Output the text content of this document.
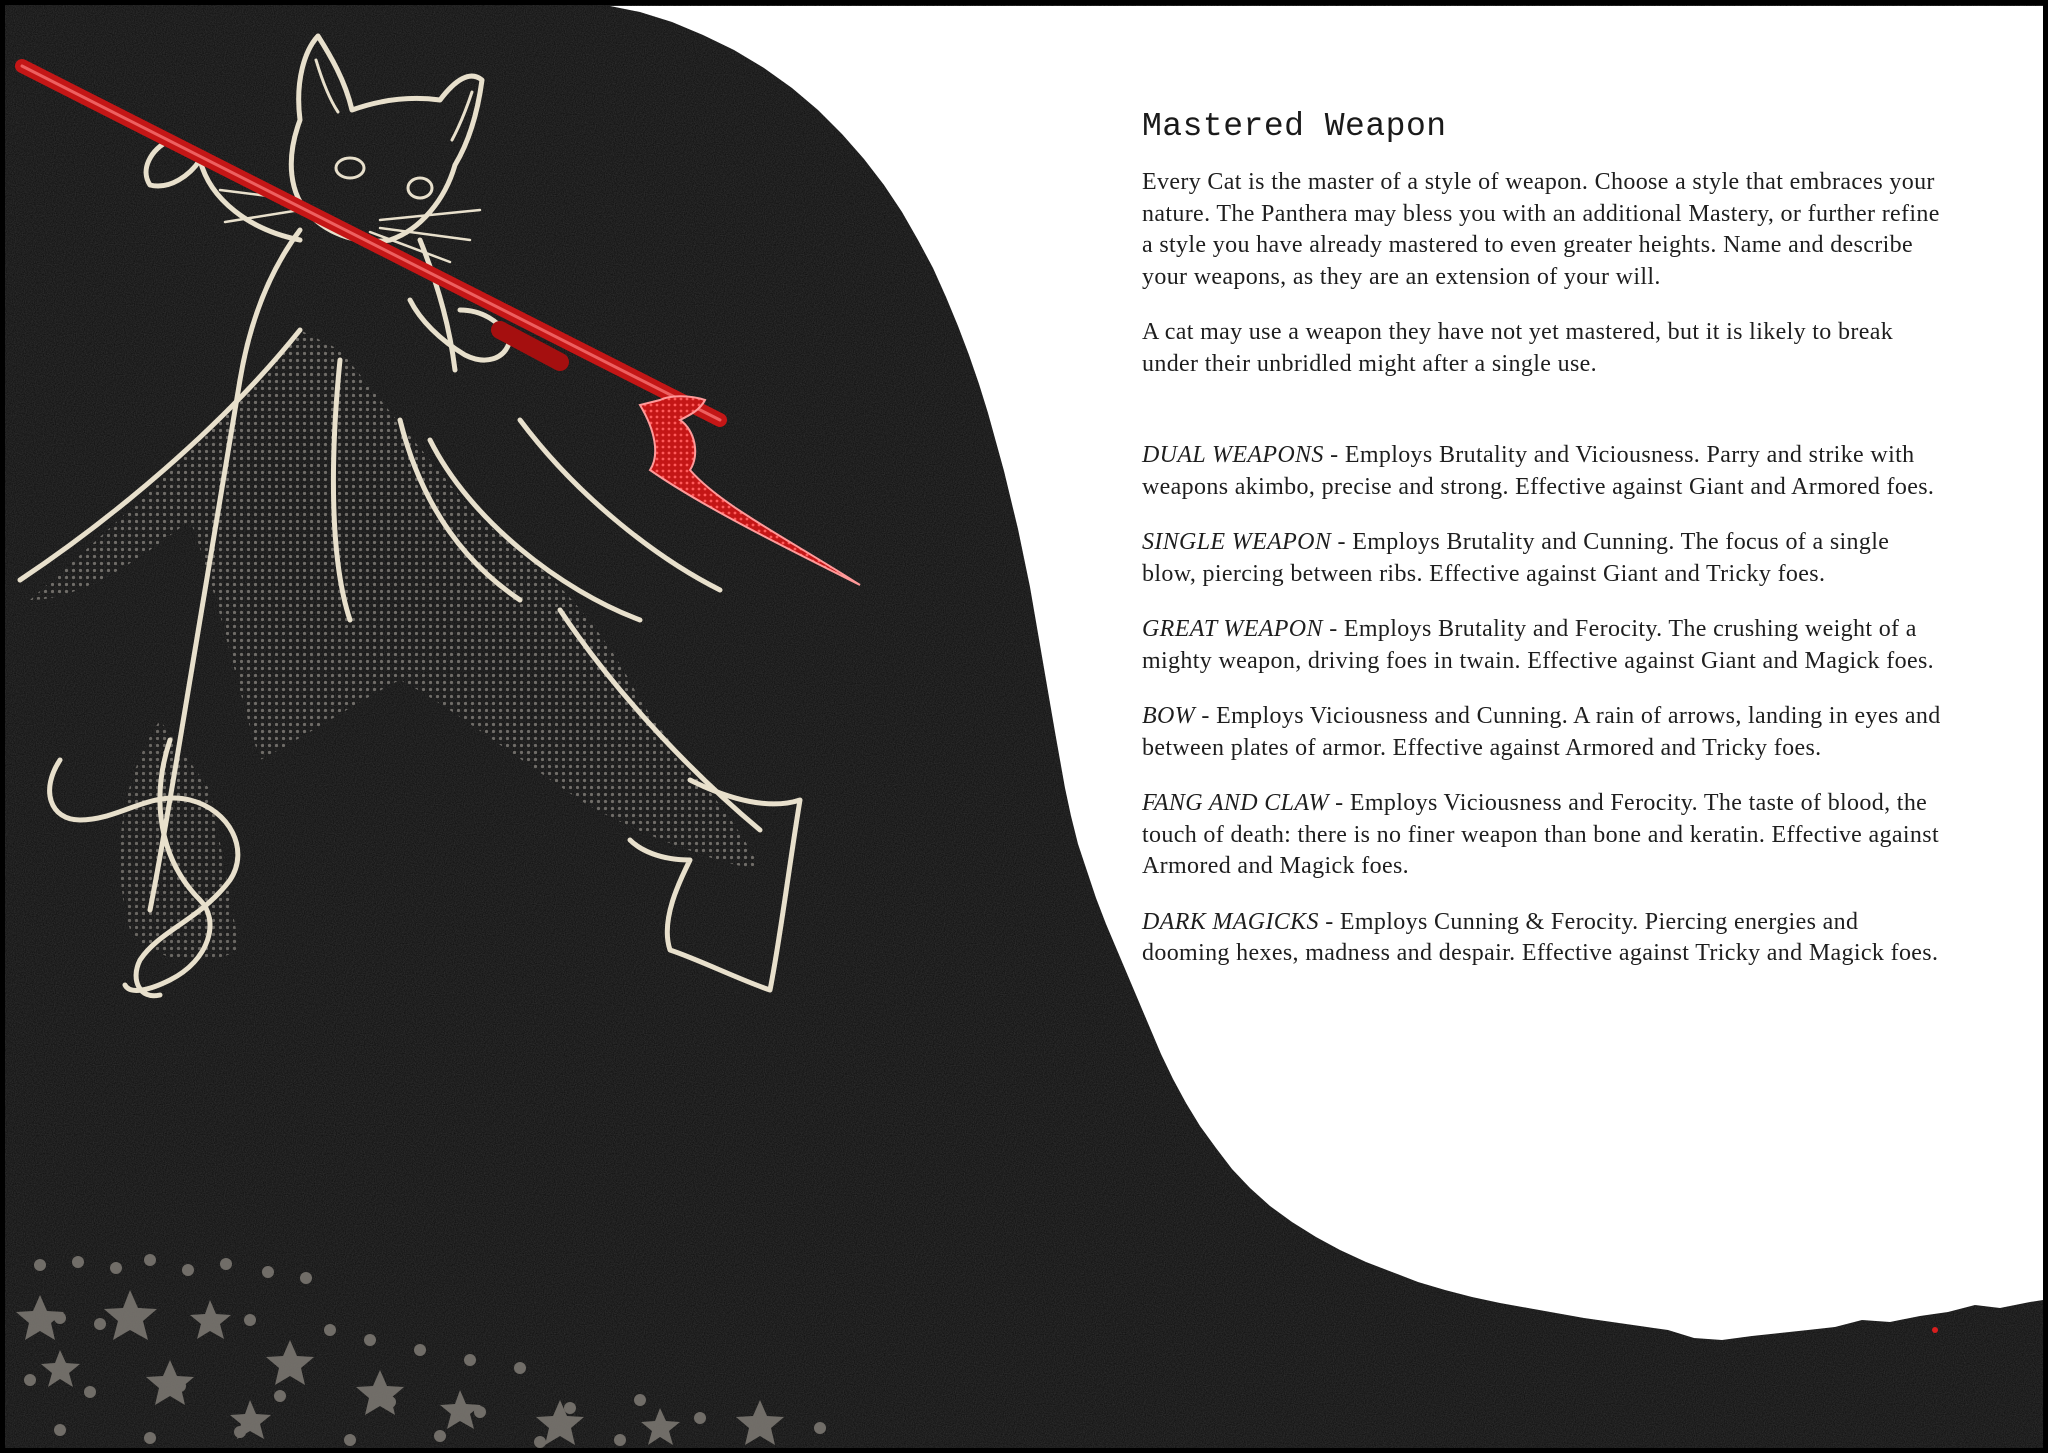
Mastered Weapon

Every Cat is the master of a style of weapon. Choose a style that embraces your nature. The Panthera may bless you with an additional Mastery, or further refine a style you have already mastered to even greater heights. Name and describe your weapons, as they are an extension of your will.

A cat may use a weapon they have not yet mastered, but it is likely to break under their unbridled might after a single use.

DUAL WEAPONS - Employs Brutality and Viciousness. Parry and strike with weapons akimbo, precise and strong. Effective against Giant and Armored foes.

SINGLE WEAPON - Employs Brutality and Cunning. The focus of a single blow, piercing between ribs. Effective against Giant and Tricky foes.

GREAT WEAPON - Employs Brutality and Ferocity. The crushing weight of a mighty weapon, driving foes in twain. Effective against Giant and Magick foes.

BOW - Employs Viciousness and Cunning. A rain of arrows, landing in eyes and between plates of armor. Effective against Armored and Tricky foes.

FANG AND CLAW - Employs Viciousness and Ferocity. The taste of blood, the touch of death: there is no finer weapon than bone and keratin. Effective against Armored and Magick foes.

DARK MAGICKS - Employs Cunning & Ferocity. Piercing energies and dooming hexes, madness and despair. Effective against Tricky and Magick foes.
